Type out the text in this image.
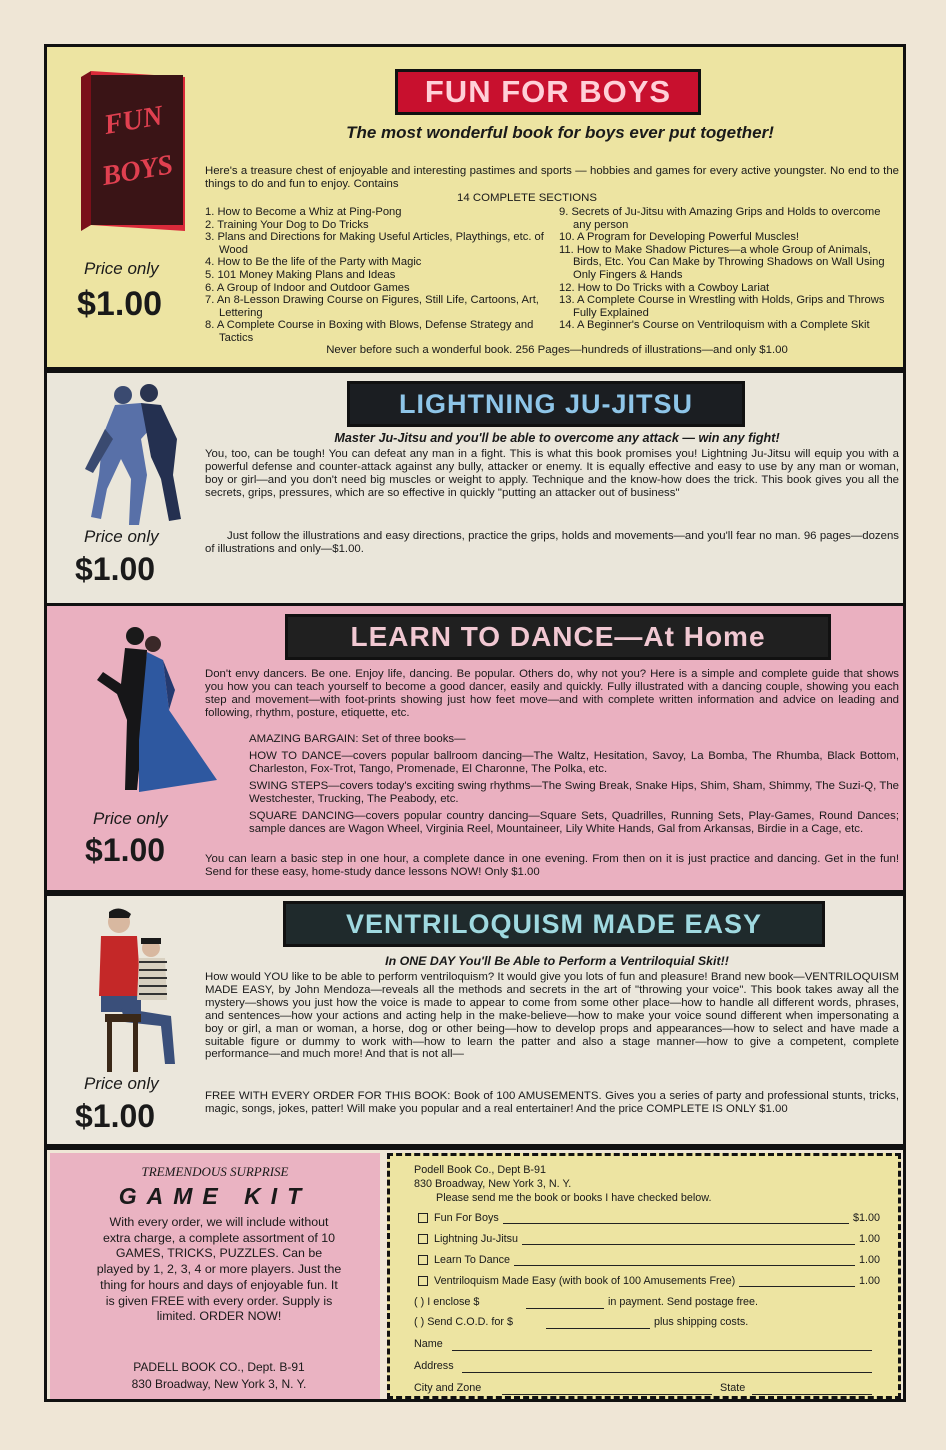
FUN
BOYS
Price only
$1.00
FUN FOR BOYS
The most wonderful book for boys ever put together!
Here's a treasure chest of enjoyable and interesting pastimes and sports — hobbies and games for every active youngster. No end to the things to do and fun to enjoy. Contains
14 COMPLETE SECTIONS
1. How to Become a Whiz at Ping-Pong
2. Training Your Dog to Do Tricks
3. Plans and Directions for Making Useful Articles, Playthings, etc. of Wood
4. How to Be the life of the Party with Magic
5. 101 Money Making Plans and Ideas
6. A Group of Indoor and Outdoor Games
7. An 8-Lesson Drawing Course on Figures, Still Life, Cartoons, Art, Lettering
8. A Complete Course in Boxing with Blows, Defense Strategy and Tactics
9. Secrets of Ju-Jitsu with Amazing Grips and Holds to overcome any person
10. A Program for Developing Powerful Muscles!
11. How to Make Shadow Pictures—a whole Group of Animals, Birds, Etc. You Can Make by Throwing Shadows on Wall Using Only Fingers & Hands
12. How to Do Tricks with a Cowboy Lariat
13. A Complete Course in Wrestling with Holds, Grips and Throws Fully Explained
14. A Beginner's Course on Ventriloquism with a Complete Skit
Never before such a wonderful book. 256 Pages—hundreds of illustrations—and only $1.00
Price only
$1.00
LIGHTNING JU-JITSU
Master Ju-Jitsu and you'll be able to overcome any attack — win any fight!
You, too, can be tough! You can defeat any man in a fight. This is what this book promises you! Lightning Ju-Jitsu will equip you with a powerful defense and counter-attack against any bully, attacker or enemy. It is equally effective and easy to use by any man or woman, boy or girl—and you don't need big muscles or weight to apply. Technique and the know-how does the trick. This book gives you all the secrets, grips, pressures, which are so effective in quickly "putting an attacker out of business"
Just follow the illustrations and easy directions, practice the grips, holds and movements—and you'll fear no man. 96 pages—dozens of illustrations and only—$1.00.
Price only
$1.00
LEARN TO DANCE—At Home
Don't envy dancers. Be one. Enjoy life, dancing. Be popular. Others do, why not you? Here is a simple and complete guide that shows you how you can teach yourself to become a good dancer, easily and quickly. Fully illustrated with a dancing couple, showing you each step and movement—with foot-prints showing just how feet move—and with complete written information and advice on leading and following, rhythm, posture, etiquette, etc.
AMAZING BARGAIN: Set of three books—
HOW TO DANCE—covers popular ballroom dancing—The Waltz, Hesitation, Savoy, La Bomba, The Rhumba, Black Bottom, Charleston, Fox-Trot, Tango, Promenade, El Charonne, The Polka, etc.
SWING STEPS—covers today's exciting swing rhythms—The Swing Break, Snake Hips, Shim, Sham, Shimmy, The Suzi-Q, The Westchester, Trucking, The Peabody, etc.
SQUARE DANCING—covers popular country dancing—Square Sets, Quadrilles, Running Sets, Play-Games, Round Dances; sample dances are Wagon Wheel, Virginia Reel, Mountaineer, Lily White Hands, Gal from Arkansas, Birdie in a Cage, etc.
You can learn a basic step in one hour, a complete dance in one evening. From then on it is just practice and dancing. Get in the fun! Send for these easy, home-study dance lessons NOW! Only $1.00
Price only
$1.00
VENTRILOQUISM MADE EASY
In ONE DAY You'll Be Able to Perform a Ventriloquial Skit!!
How would YOU like to be able to perform ventriloquism? It would give you lots of fun and pleasure! Brand new book—VENTRILOQUISM MADE EASY, by John Mendoza—reveals all the methods and secrets in the art of "throwing your voice". This book takes away all the mystery—shows you just how the voice is made to appear to come from some other place—how to handle all different words, phrases, and sentences—how your actions and acting help in the make-believe—how to make your voice sound different when impersonating a boy or girl, a man or woman, a horse, dog or other being—how to develop props and appearances—how to select and have made a suitable figure or dummy to work with—how to learn the patter and also a stage manner—how to give a competent, complete performance—and much more! And that is not all—
FREE WITH EVERY ORDER FOR THIS BOOK: Book of 100 AMUSEMENTS. Gives you a series of party and professional stunts, tricks, magic, songs, jokes, patter! Will make you popular and a real entertainer! And the price COMPLETE IS ONLY $1.00
TREMENDOUS SURPRISE
GAME KIT
With every order, we will include without extra charge, a complete assortment of 10 GAMES, TRICKS, PUZZLES. Can be played by 1, 2, 3, 4 or more players. Just the thing for hours and days of enjoyable fun. It is given FREE with every order. Supply is limited. ORDER NOW!
PADELL BOOK CO., Dept. B-91
830 Broadway, New York 3, N. Y.
Podell Book Co., Dept B-91
830 Broadway, New York 3, N. Y.
Please send me the book or books I have checked below.
Fun For Boys	$1.00
Lightning Ju-Jitsu	1.00
Learn To Dance	1.00
Ventriloquism Made Easy (with book of 100 Amusements Free)	1.00
( ) I enclose $	in payment. Send postage free.
( ) Send C.O.D. for $	plus shipping costs.
Name
Address
City and Zone	State
